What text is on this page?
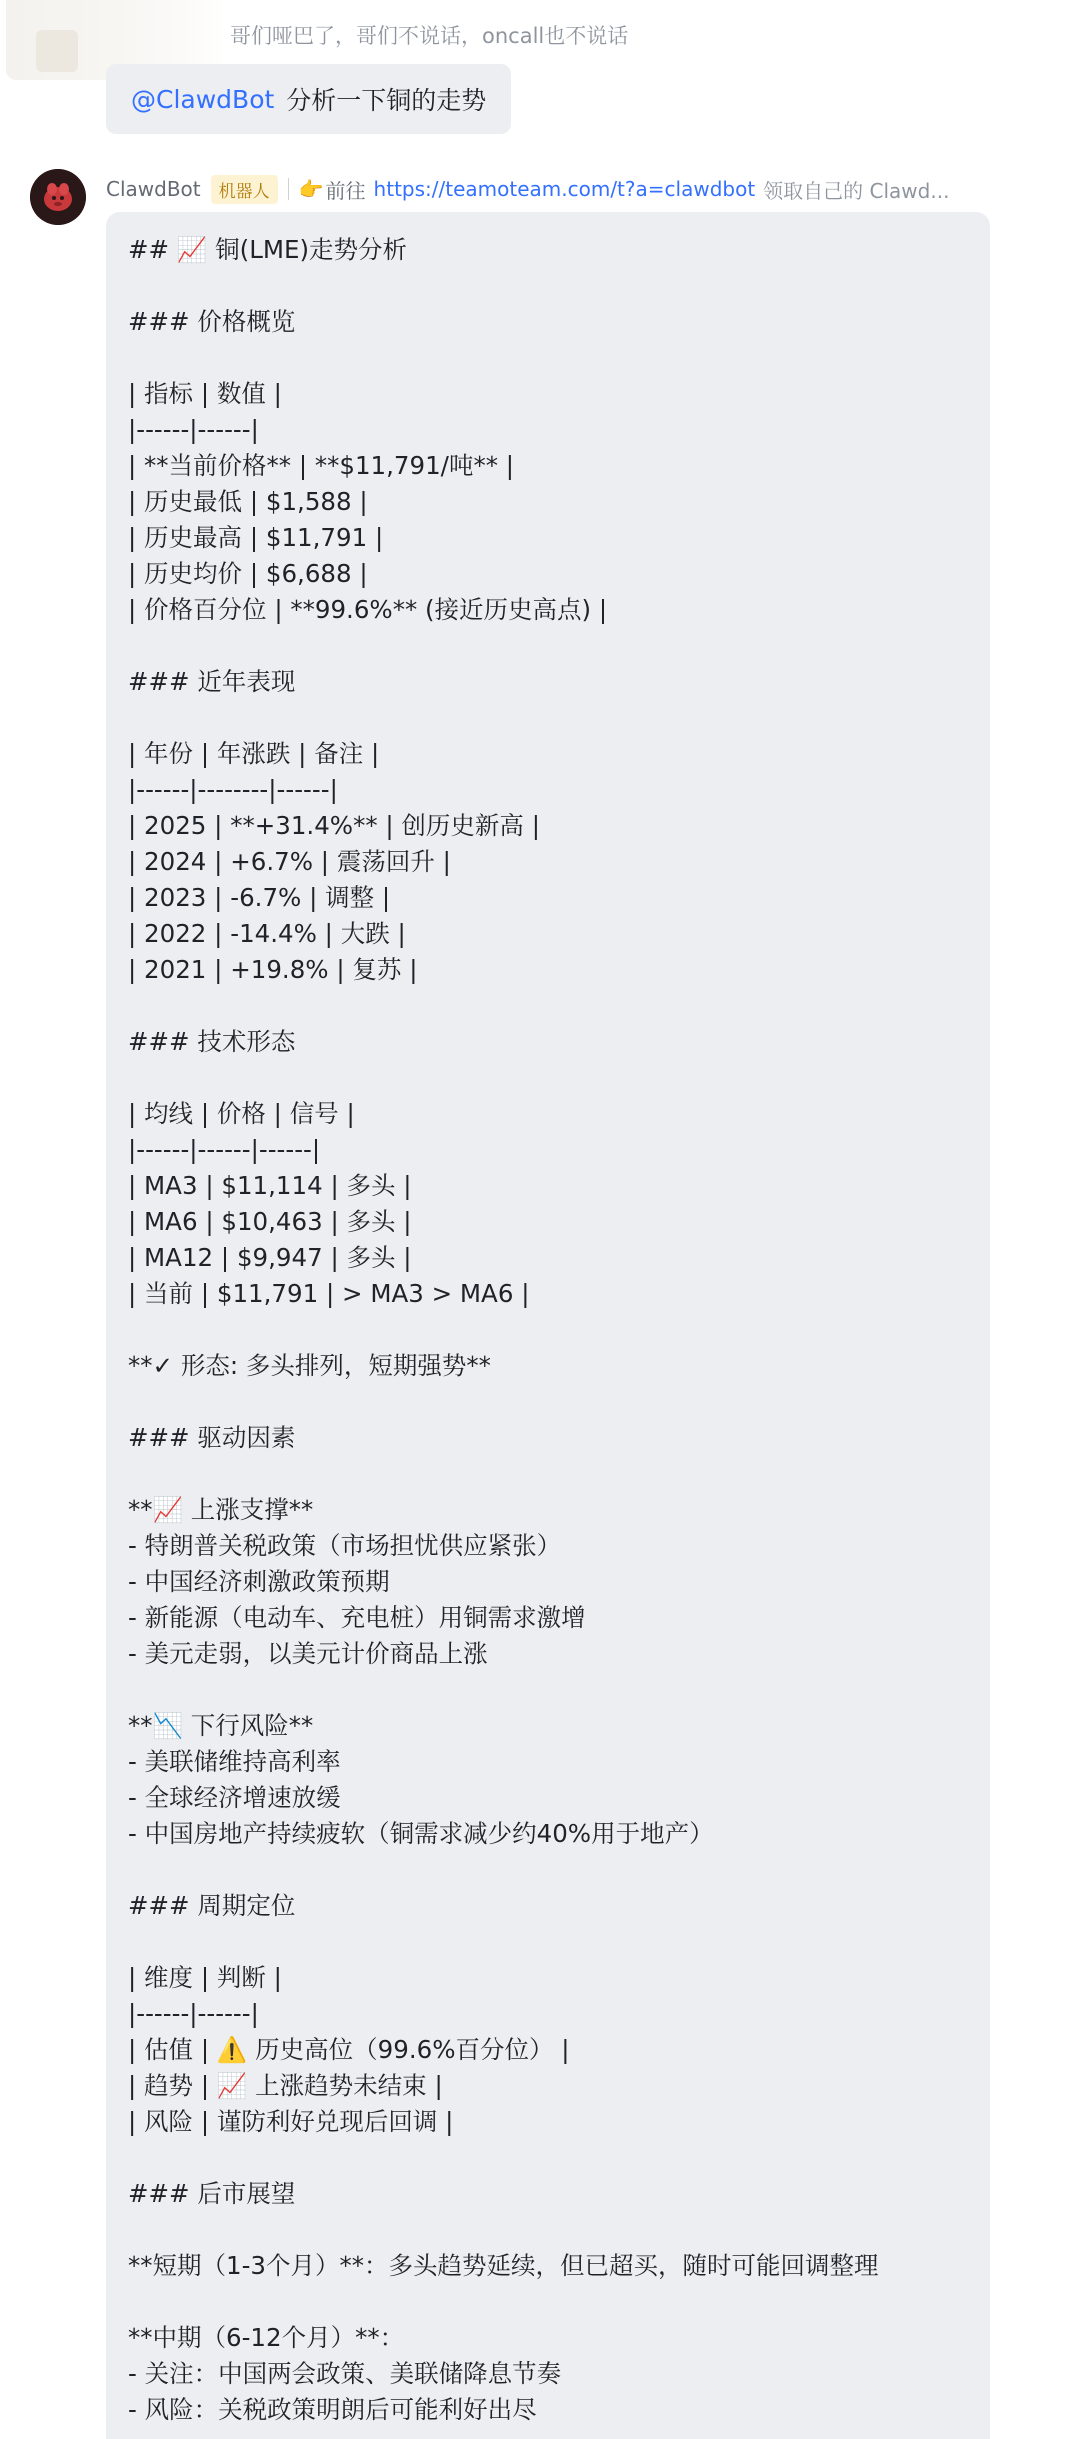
哥们哑巴了，哥们不说话，oncall也不说话
@ClawdBot 分析一下铜的走势
ClawdBot	机器人	👉 前往 https://teamoteam.com/t?a=clawdbot 领取自己的 Clawd...
## 📈 铜(LME)走势分析
### 价格概览
| 指标 | 数值 |
|------|------|
| **当前价格** | **$11,791/吨** |
| 历史最低 | $1,588 |
| 历史最高 | $11,791 |
| 历史均价 | $6,688 |
| 价格百分位 | **99.6%** (接近历史高点) |
### 近年表现
| 年份 | 年涨跌 | 备注 |
|------|--------|------|
| 2025 | **+31.4%** | 创历史新高 |
| 2024 | +6.7% | 震荡回升 |
| 2023 | -6.7% | 调整 |
| 2022 | -14.4% | 大跌 |
| 2021 | +19.8% | 复苏 |
### 技术形态
| 均线 | 价格 | 信号 |
|------|------|------|
| MA3 | $11,114 | 多头 |
| MA6 | $10,463 | 多头 |
| MA12 | $9,947 | 多头 |
| 当前 | $11,791 | > MA3 > MA6 |
**✓ 形态: 多头排列，短期强势**
### 驱动因素
**📈 上涨支撑**
- 特朗普关税政策（市场担忧供应紧张）
- 中国经济刺激政策预期
- 新能源（电动车、充电桩）用铜需求激增
- 美元走弱，以美元计价商品上涨
**📉 下行风险**
- 美联储维持高利率
- 全球经济增速放缓
- 中国房地产持续疲软（铜需求减少约40%用于地产）
### 周期定位
| 维度 | 判断 |
|------|------|
| 估值 | ⚠️ 历史高位（99.6%百分位） |
| 趋势 | 📈 上涨趋势未结束 |
| 风险 | 谨防利好兑现后回调 |
### 后市展望
**短期（1-3个月）**：多头趋势延续，但已超买，随时可能回调整理
**中期（6-12个月）**：
- 关注：中国两会政策、美联储降息节奏
- 风险：关税政策明朗后可能利好出尽
